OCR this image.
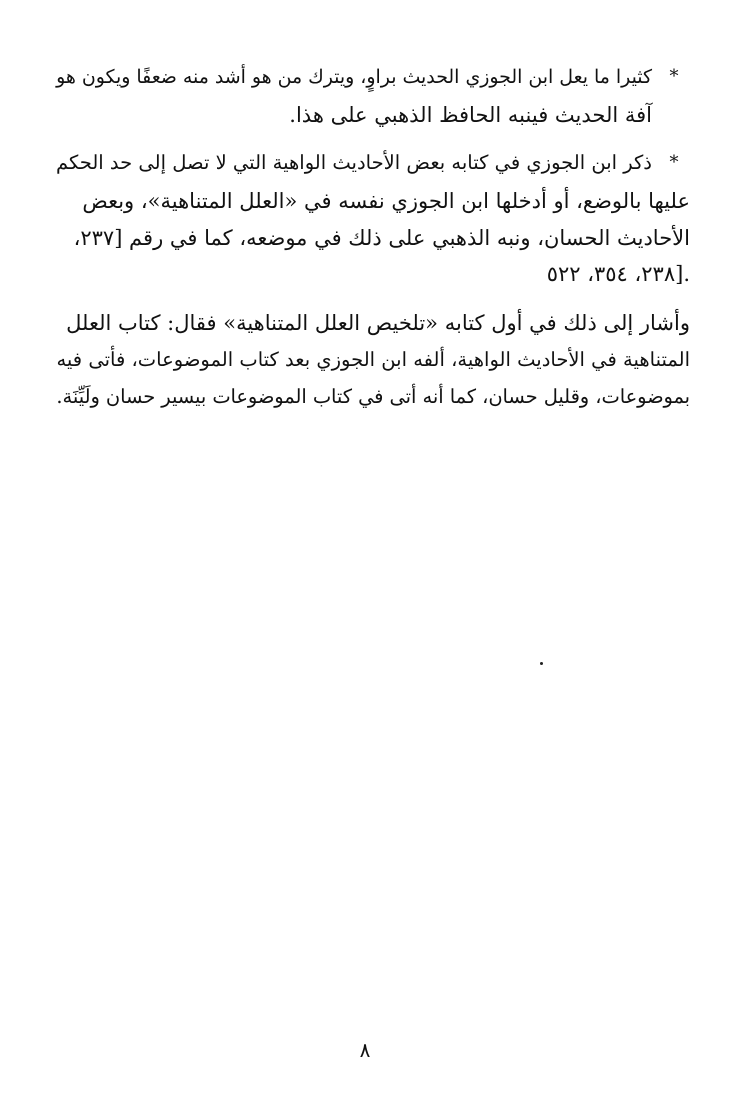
*
كثيرا ما يعل ابن الجوزي الحديث براوٍ، ويترك من هو أشد منه ضعفًا ويكون هو
آفة الحديث فينبه الحافظ الذهبي على هذا.
*
ذكر ابن الجوزي في كتابه بعض الأحاديث الواهية التي لا تصل إلى حد الحكم
عليها بالوضع، أو أدخلها ابن الجوزي نفسه في «العلل المتناهية»، وبعض
الأحاديث الحسان، ونبه الذهبي على ذلك في موضعه، كما في رقم [٢٣٧،
٢٣٨، ٣٥٤، ٥٢٢].
وأشار إلى ذلك في أول كتابه «تلخيص العلل المتناهية» فقال: كتاب العلل
المتناهية في الأحاديث الواهية، ألفه ابن الجوزي بعد كتاب الموضوعات، فأتى فيه
بموضوعات، وقليل حسان، كما أنه أتى في كتاب الموضوعات بيسير حسان ولَيِّنَة.
٨
